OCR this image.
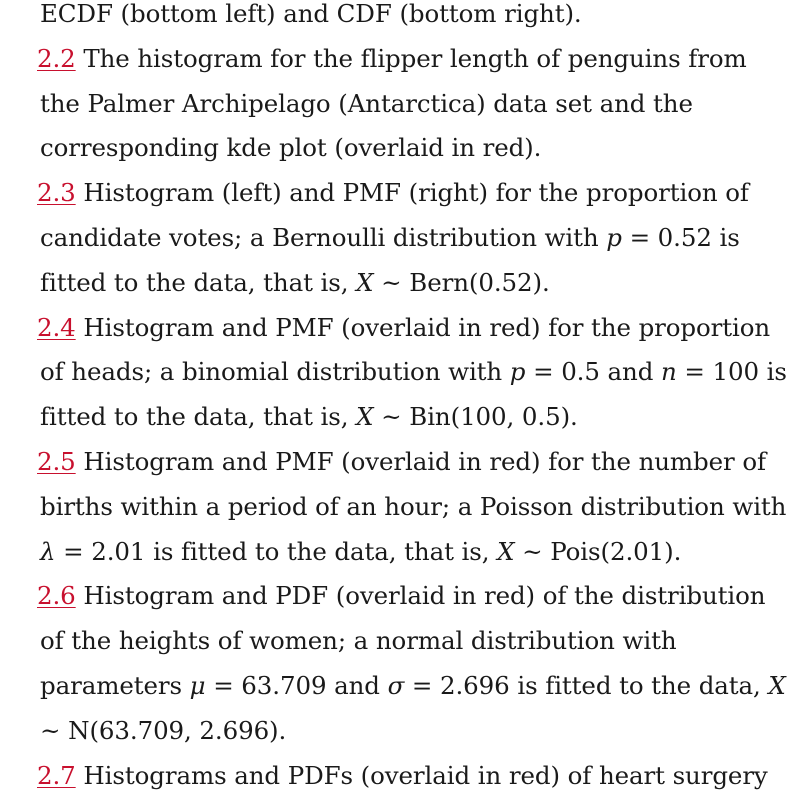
ECDF (bottom left) and CDF (bottom right).

2.2 The histogram for the flipper length of penguins from the Palmer Archipelago (Antarctica) data set and the corresponding kde plot (overlaid in red).

2.3 Histogram (left) and PMF (right) for the proportion of candidate votes; a Bernoulli distribution with p = 0.52 is fitted to the data, that is, X ~ Bern(0.52).

2.4 Histogram and PMF (overlaid in red) for the proportion of heads; a binomial distribution with p = 0.5 and n = 100 is fitted to the data, that is, X ~ Bin(100, 0.5).

2.5 Histogram and PMF (overlaid in red) for the number of births within a period of an hour; a Poisson distribution with λ = 2.01 is fitted to the data, that is, X ~ Pois(2.01).

2.6 Histogram and PDF (overlaid in red) of the distribution of the heights of women; a normal distribution with parameters μ = 63.709 and σ = 2.696 is fitted to the data, X ~ N(63.709, 2.696).

2.7 Histograms and PDFs (overlaid in red) of heart surgery
